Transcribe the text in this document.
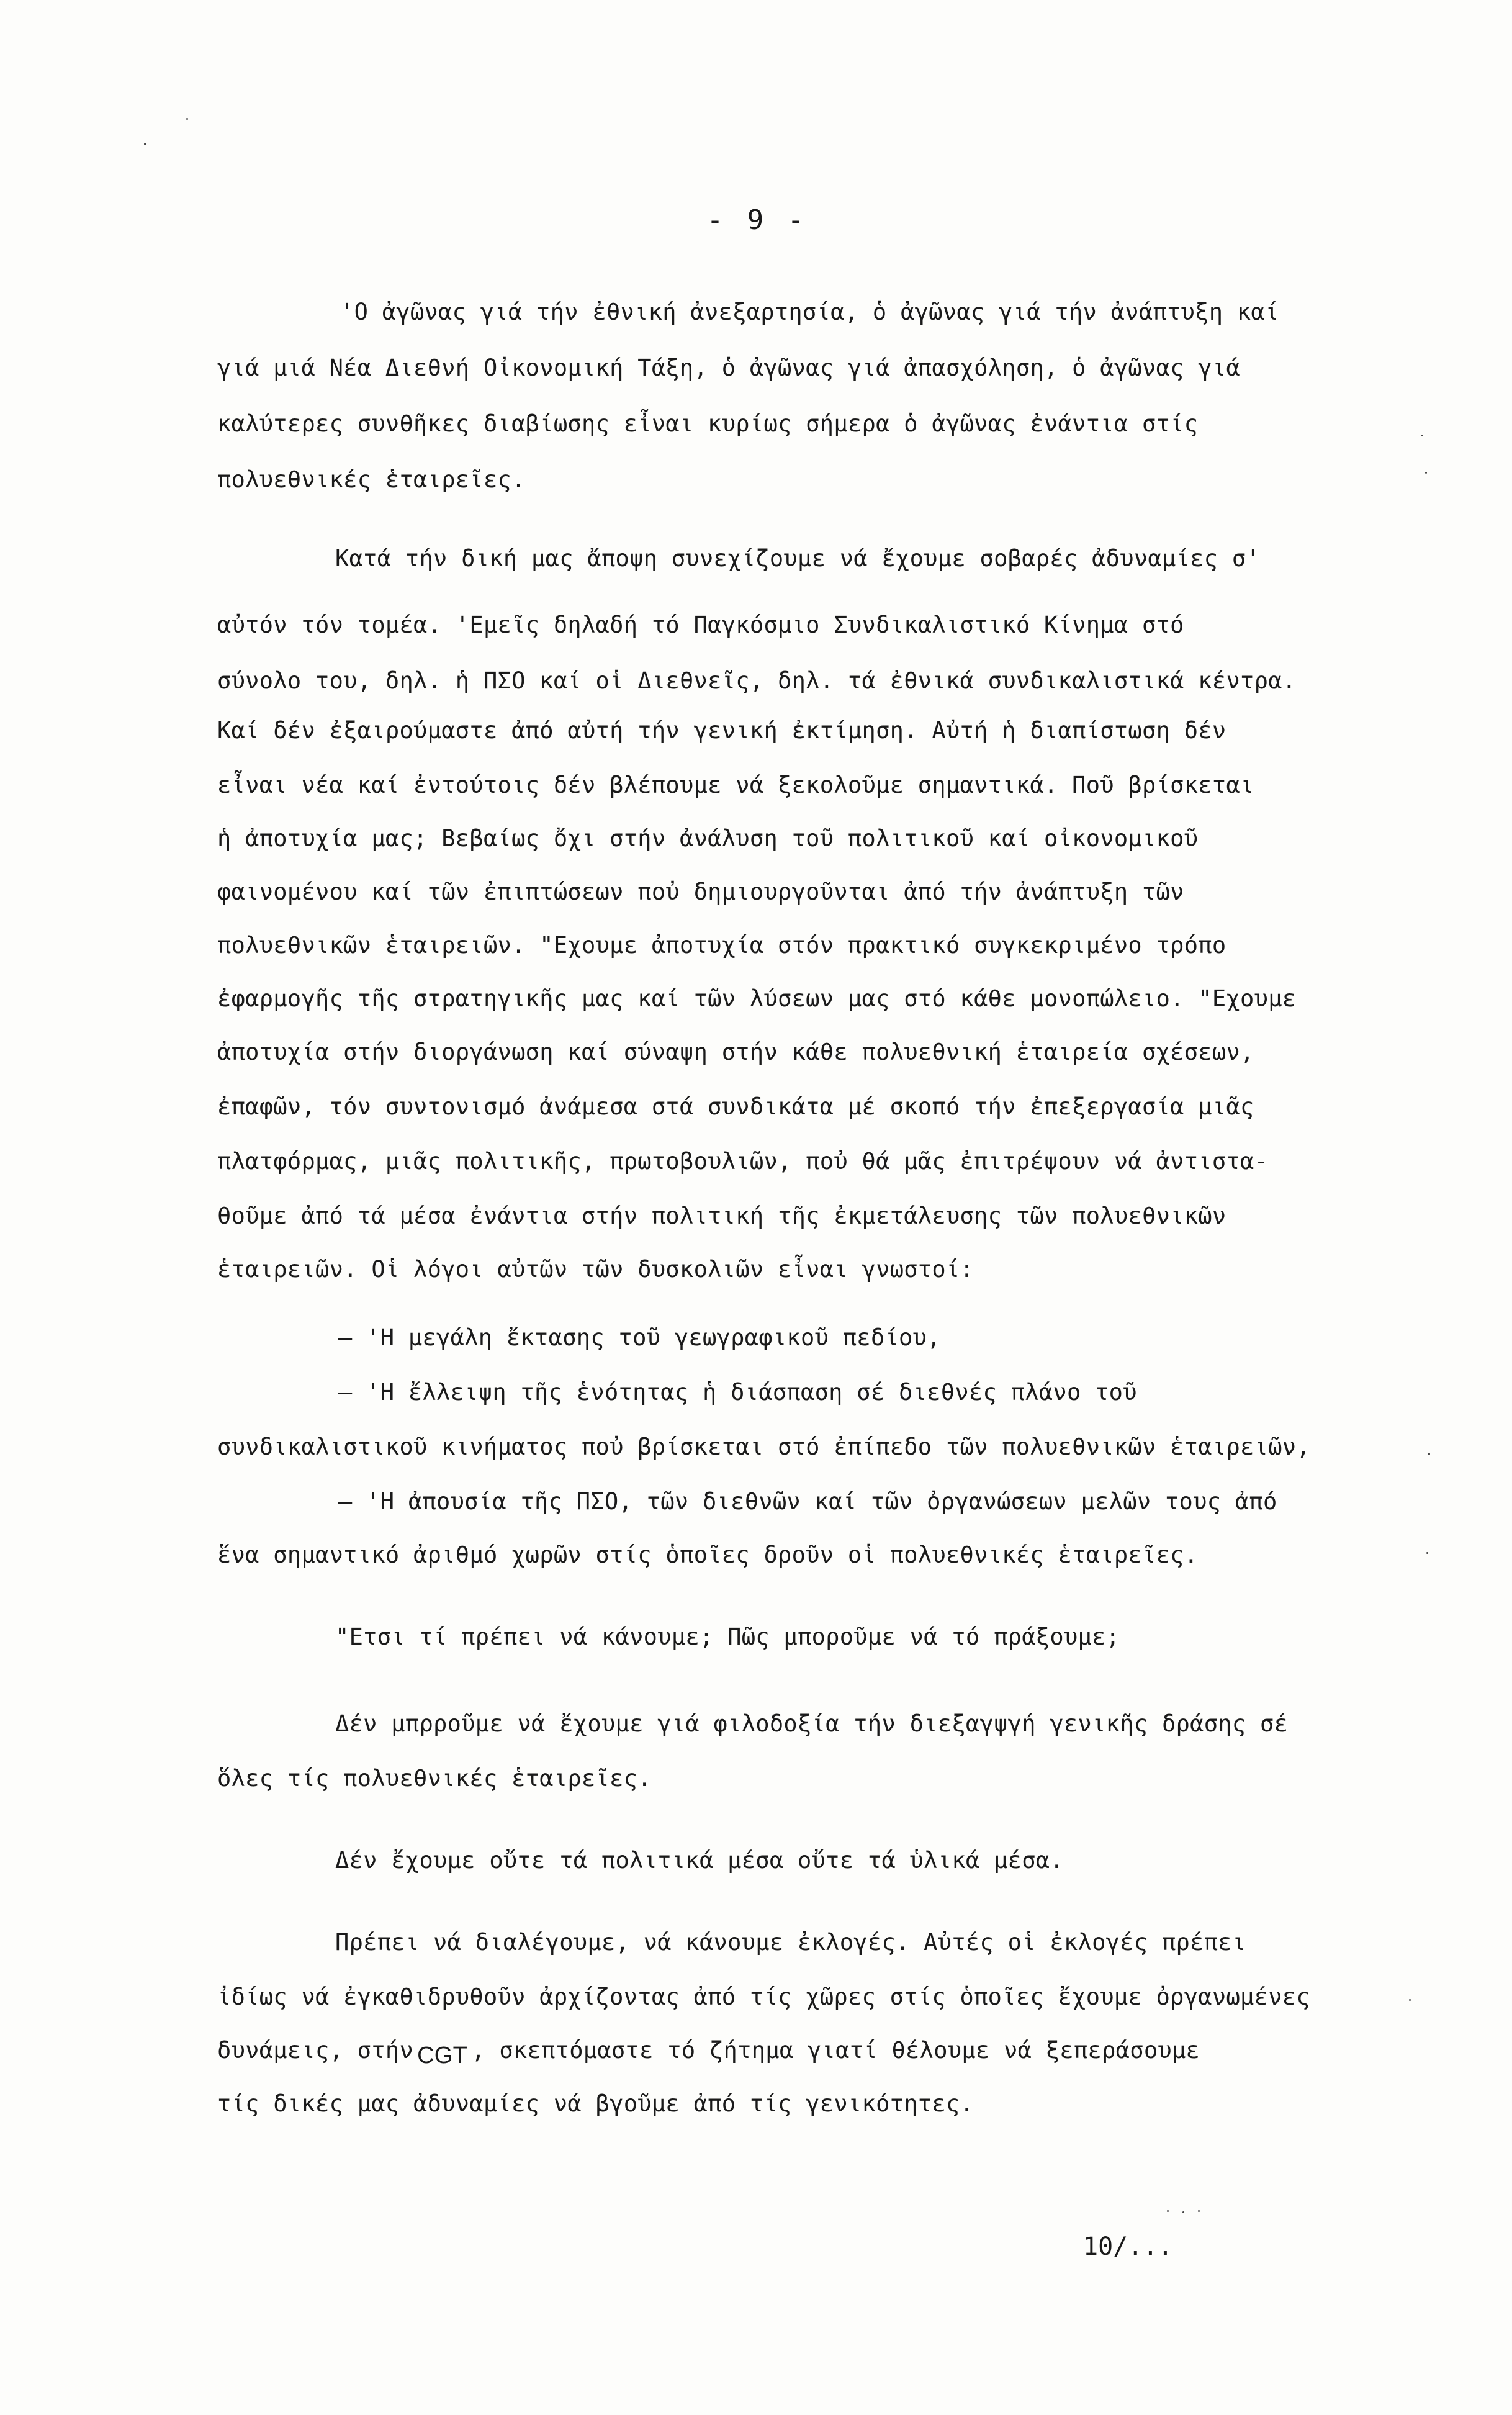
- 9 -
'Ο ἀγῶνας γιά τήν ἐθνική ἀνεξαρτησία, ὁ ἀγῶνας γιά τήν ἀνάπτυξη καί
γιά μιά Νέα Διεθνή Οἰκονομική Τάξη, ὁ ἀγῶνας γιά ἀπασχόληση, ὁ ἀγῶνας γιά
καλύτερες συνθῆκες διαβίωσης εἶναι κυρίως σήμερα ὁ ἀγῶνας ἐνάντια στίς
πολυεθνικές ἑταιρεῖες.
Κατά τήν δική μας ἄποψη συνεχίζουμε νά ἔχουμε σοβαρές ἀδυναμίες σ'
αὐτόν τόν τομέα. 'Εμεῖς δηλαδή τό Παγκόσμιο Συνδικαλιστικό Κίνημα στό
σύνολο του, δηλ. ἡ ΠΣΟ καί οἱ Διεθνεῖς, δηλ. τά ἐθνικά συνδικαλιστικά κέντρα.
Καί δέν ἐξαιρούμαστε ἀπό αὐτή τήν γενική ἐκτίμηση. Αὐτή ἡ διαπίστωση δέν
εἶναι νέα καί ἐντούτοις δέν βλέπουμε νά ξεκολοῦμε σημαντικά. Ποῦ βρίσκεται
ἡ ἀποτυχία μας; Βεβαίως ὄχι στήν ἀνάλυση τοῦ πολιτικοῦ καί οἰκονομικοῦ
φαινομένου καί τῶν ἐπιπτώσεων ποὐ δημιουργοῦνται ἀπό τήν ἀνάπτυξη τῶν
πολυεθνικῶν ἑταιρειῶν. "Εχουμε ἀποτυχία στόν πρακτικό συγκεκριμένο τρόπο
ἐφαρμογῆς τῆς στρατηγικῆς μας καί τῶν λύσεων μας στό κάθε μονοπώλειο. "Εχουμε
ἀποτυχία στήν διοργάνωση καί σύναψη στήν κάθε πολυεθνική ἑταιρεία σχέσεων,
ἐπαφῶν, τόν συντονισμό ἀνάμεσα στά συνδικάτα μέ σκοπό τήν ἐπεξεργασία μιᾶς
πλατφόρμας, μιᾶς πολιτικῆς, πρωτοβουλιῶν, ποὐ θά μᾶς ἐπιτρέψουν νά ἀντιστα-
θοῦμε ἀπό τά μέσα ἐνάντια στήν πολιτική τῆς ἐκμετάλευσης τῶν πολυεθνικῶν
ἑταιρειῶν. Οἱ λόγοι αὐτῶν τῶν δυσκολιῶν εἶναι γνωστοί:
– 'Η μεγάλη ἔκτασης τοῦ γεωγραφικοῦ πεδίου,
– 'Η ἔλλειψη τῆς ἑνότητας ἡ διάσπαση σέ διεθνές πλάνο τοῦ
συνδικαλιστικοῦ κινήματος ποὐ βρίσκεται στό ἐπίπεδο τῶν πολυεθνικῶν ἑταιρειῶν,
– 'Η ἀπουσία τῆς ΠΣΟ, τῶν διεθνῶν καί τῶν ὀργανώσεων μελῶν τους ἀπό
ἕνα σημαντικό ἀριθμό χωρῶν στίς ὁποῖες δροῦν οἱ πολυεθνικές ἑταιρεῖες.
"Ετσι τί πρέπει νά κάνουμε; Πῶς μποροῦμε νά τό πράξουμε;
Δέν μπρροῦμε νά ἔχουμε γιά φιλοδοξία τήν διεξαγψγή γενικῆς δράσης σέ
ὅλες τίς πολυεθνικές ἑταιρεῖες.
Δέν ἔχουμε οὔτε τά πολιτικά μέσα οὔτε τά ὑλικά μέσα.
Πρέπει νά διαλέγουμε, νά κάνουμε ἐκλογές. Αὐτές οἱ ἐκλογές πρέπει
ἰδίως νά ἐγκαθιδρυθοῦν ἀρχίζοντας ἀπό τίς χῶρες στίς ὁποῖες ἔχουμε ὀργανωμένες
δυνάμεις, στήν CGT , σκεπτόμαστε τό ζήτημα γιατί θέλουμε νά ξεπεράσουμε
τίς δικές μας ἀδυναμίες νά βγοῦμε ἀπό τίς γενικότητες.
10/...
